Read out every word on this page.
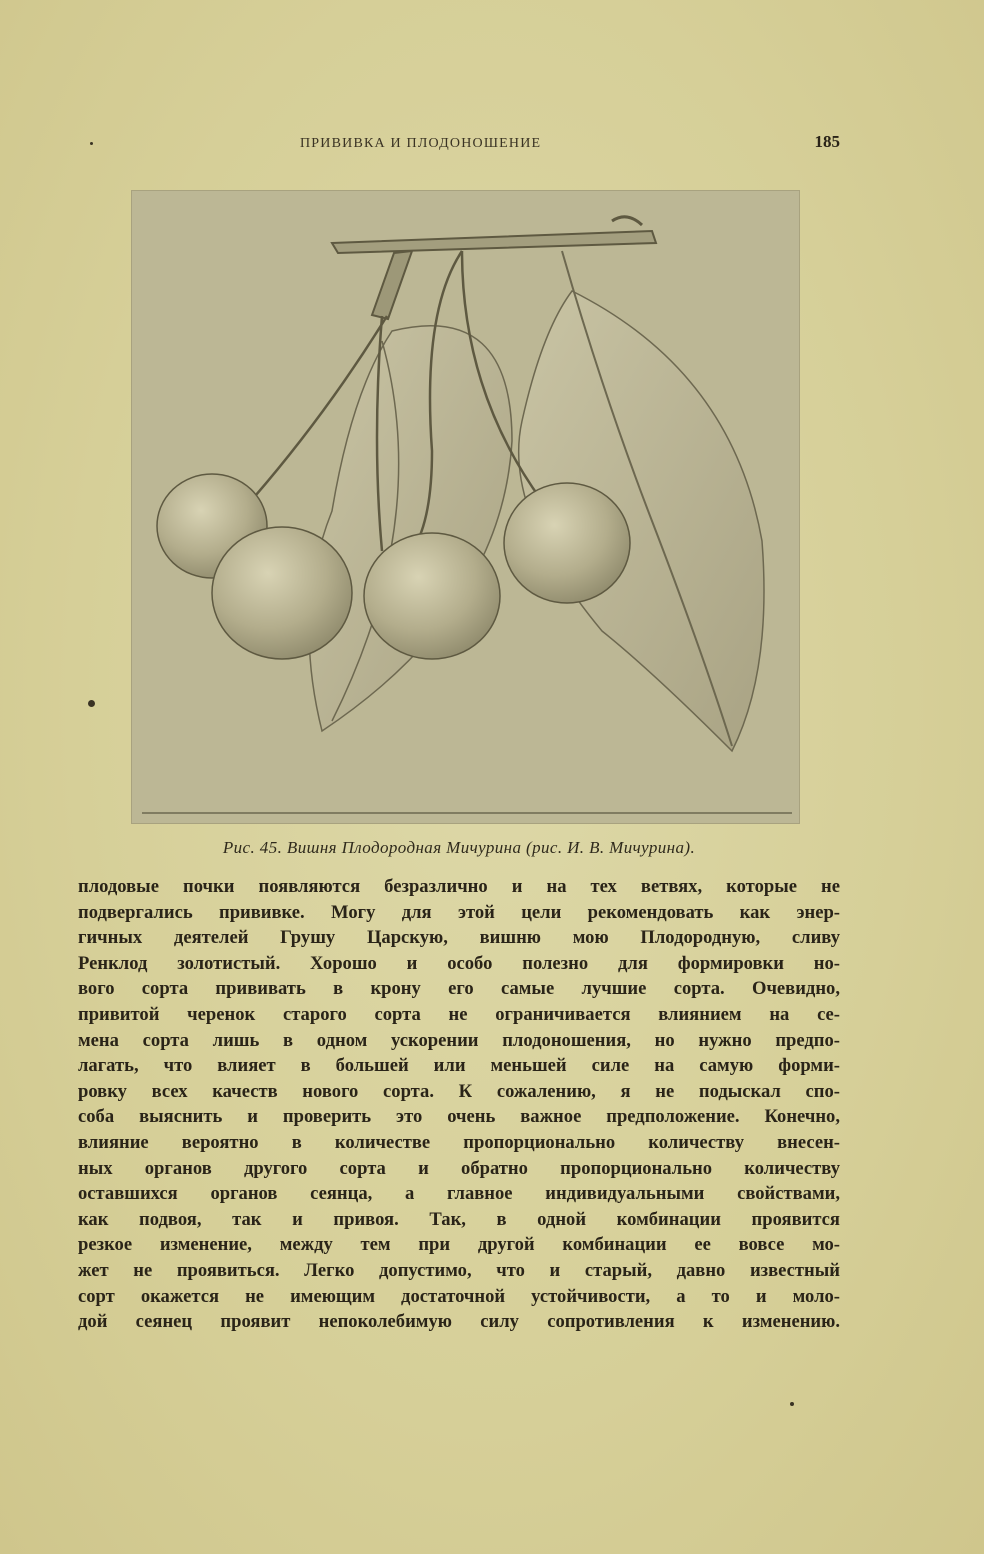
ПРИВИВКА И ПЛОДОНОШЕНИЕ	185
Рис. 45. Вишня Плодородная Мичурина (рис. И. В. Мичурина).
плодовые почки появляются безразлично и на тех ветвях, которые не
подвергались прививке. Могу для этой цели рекомендовать как энер-
гичных деятелей Грушу Царскую, вишню мою Плодородную, сливу
Ренклод золотистый. Хорошо и особо полезно для формировки но-
вого сорта прививать в крону его самые лучшие сорта. Очевидно,
привитой черенок старого сорта не ограничивается влиянием на се-
мена сорта лишь в одном ускорении плодоношения, но нужно предпо-
лагать, что влияет в большей или меньшей силе на самую форми-
ровку всех качеств нового сорта. К сожалению, я не подыскал спо-
соба выяснить и проверить это очень важное предположение. Конечно,
влияние вероятно в количестве пропорционально количеству внесен-
ных органов другого сорта и обратно пропорционально количеству
оставшихся органов сеянца, а главное индивидуальными свойствами,
как подвоя, так и привоя. Так, в одной комбинации проявится
резкое изменение, между тем при другой комбинации ее вовсе мо-
жет не проявиться. Легко допустимо, что и старый, давно известный
сорт окажется не имеющим достаточной устойчивости, а то и моло-
дой сеянец проявит непоколебимую силу сопротивления к изменению.
